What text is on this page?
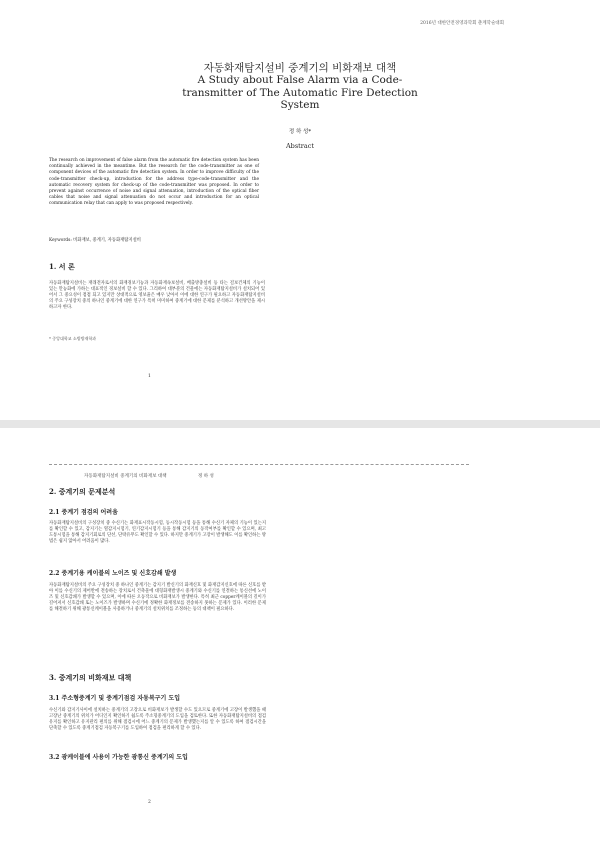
2016년 대한안전경영과학회 춘계학술대회
자동화재탐지설비 중계기의 비화재보 대책
A Study about False Alarm via a Code-transmitter of The Automatic Fire Detection System
정 하 성*
Abstract
The research on improvement of false alarm from the automatic fire detection system has been continually achieved in the meantime. But the research for the code-transmitter as one of component devices of the automatic fire detection system. In order to improve difficulty of the code-transmitter check-up, introduction for the address type-code-transmitter and the automatic recovery system for check-up of the code-transmitter was proposed. In order to prevent against occurrence of noise and signal attenuation, introduction of the optical fiber cables that noise and signal attenuation do not occur and introduction for an optical communication relay that can apply to was proposed respectively.
Keywords: 비화재보, 중계기, 자동화재탐지설비
1. 서 론
자동화재탐지설비는 재래전자로서의 화재경보기능과 자동화재속보설비, 배출방충설비 등 타는 걸보건체의 기능이 있는 만능화에 가하는 대표적인 경보설비 할 수 있다. 그리하여 대부분의 건물에는 자동화재탐지설비가 설치되어 있어서 그 중요성이 점점 되고 있지만 상대적으로 영보율은 매우 낮아서 이에 대한 연구가 필요하고 자동화재탐지설비의 주요 구성장치 중의 하나인 중계기에 대한 연구가 특히 미미하여 중계기에 대한 문제를 분석하고 개선방안을 제시하고자 한다.
* 중앙대학교 소방방재학과
1
자동화재탐지설비 중계기의 비화재보 대책	정 하 성
2. 중계기의 문제분석
2.1 중계기 점검의 어려움
자동화재탐지설비의 구성장치 중 수신기는 화재표시작동시험, 동시작동시험 등을 통해 수신기 자체의 기능이 있는지를 확인할 수 있고, 감지기는 열감지시험기, 연기감지시험기 등을 통해 감지기의 동작여부를 확인할 수 있으며, 최고 도통시험을 통해 감지기회로의 단선, 단락유무도 확인할 수 있다. 하지만 중계기가 고장이 발생해도 이를 확인하는 방법은 쉽지 않아서 어려움이 많다.
2.2 중계기용 케이블의 노이즈 및 신호감쇄 발생
자동화재탐지설비의 주요 구성장치 중 하나인 중계기는 감지기 발신기의 화재신호 및 화재감지신호에 따른 신호를 받아 이를 수신기의 제어반에 전송하는 장치로서 건축물에 대형화재발생시 중계기와 수신기를 연결하는 통신선에 노이즈 및 신호감쇄가 발생할 수 있으며, 이에 따른 오동작으로 비화재보가 발생한다. 특히 최근 copper케이블의 길이가 길어져서 신호감쇄 또는 노이즈가 발생하며 수신기에 정확한 화재정보를 전송하지 못하는 문제가 있다. 이러한 문제를 해결하기 위해 광통신케이블을 사용하거나 중계기의 설치위치를 조정하는 등의 대책이 필요하다.
3. 중계기의 비화재보 대책
3.1 주소형중계기 및 중계기점검 자동복구기 도입
수신기와 감지기사이에 설치하는 중계기의 고장으로 비화재보가 발생할 수도 있으므로 중계기에 고장이 발생했을 때 고장난 중계기의 위치가 어디인지 확인하기 쉽도록 주소형중계기의 도입을 검토한다. 또한 자동화재탐지설비의 점검유지를 확인하고 유지관리 편의를 위해 점검시에 어느 중계기의 문제가 발생했는지를 알 수 있도록 하여 점검시간을 단축할 수 있도록 중계기점검 자동복구기를 도입하여 점검을 편리하게 할 수 있다.
3.2 광케이블에 사용이 가능한 광통신 중계기의 도입
2
